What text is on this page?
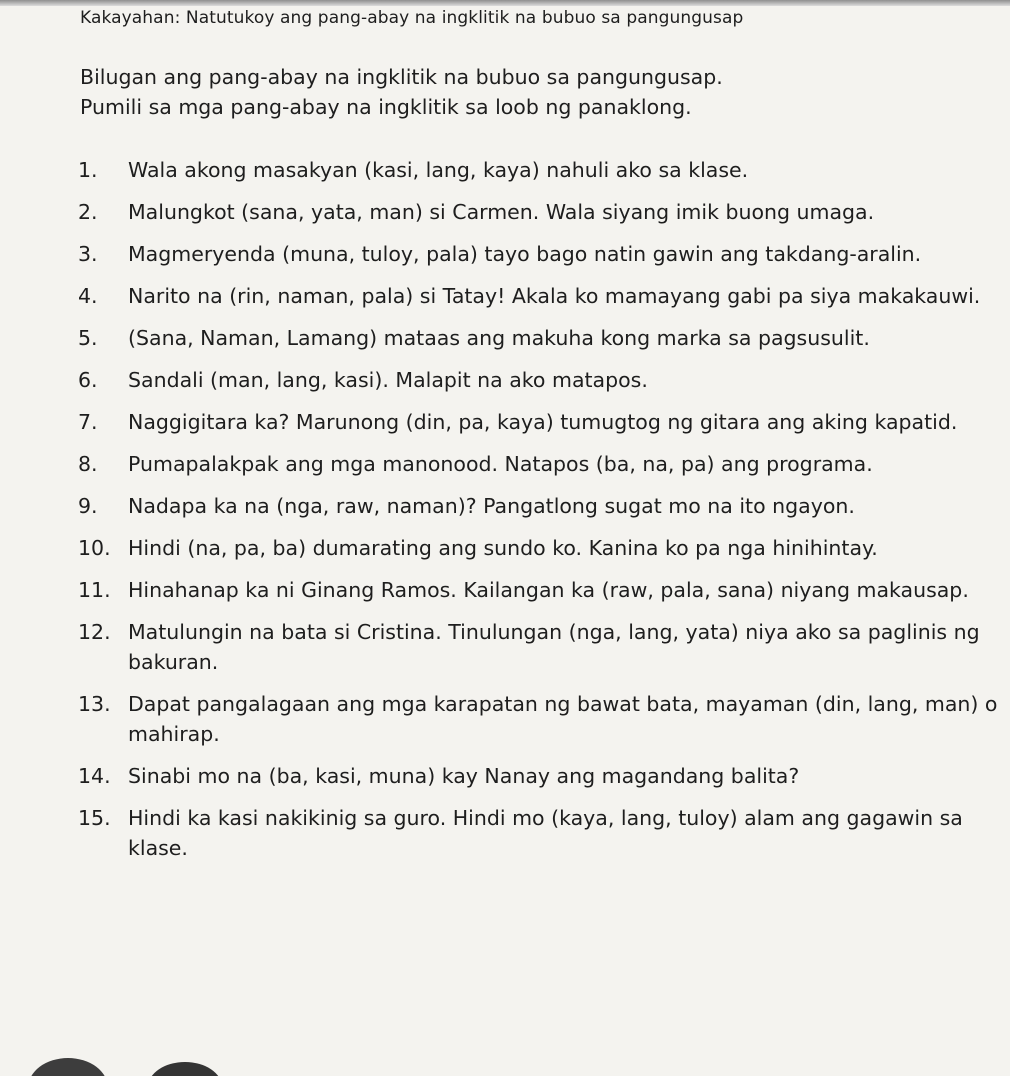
Kakayahan: Natutukoy ang pang-abay na ingklitik na bubuo sa pangungusap
Bilugan ang pang-abay na ingklitik na bubuo sa pangungusap.
Pumili sa mga pang-abay na ingklitik sa loob ng panaklong.
1. Wala akong masakyan (kasi, lang, kaya) nahuli ako sa klase.
2. Malungkot (sana, yata, man) si Carmen. Wala siyang imik buong umaga.
3. Magmeryenda (muna, tuloy, pala) tayo bago natin gawin ang takdang-aralin.
4. Narito na (rin, naman, pala) si Tatay! Akala ko mamayang gabi pa siya makakauwi.
5. (Sana, Naman, Lamang) mataas ang makuha kong marka sa pagsusulit.
6. Sandali (man, lang, kasi). Malapit na ako matapos.
7. Naggigitara ka? Marunong (din, pa, kaya) tumugtog ng gitara ang aking kapatid.
8. Pumapalakpak ang mga manonood. Natapos (ba, na, pa) ang programa.
9. Nadapa ka na (nga, raw, naman)? Pangatlong sugat mo na ito ngayon.
10. Hindi (na, pa, ba) dumarating ang sundo ko. Kanina ko pa nga hinihintay.
11. Hinahanap ka ni Ginang Ramos. Kailangan ka (raw, pala, sana) niyang makausap.
12. Matulungin na bata si Cristina. Tinulungan (nga, lang, yata) niya ako sa paglinis ng bakuran.
13. Dapat pangalagaan ang mga karapatan ng bawat bata, mayaman (din, lang, man) o mahirap.
14. Sinabi mo na (ba, kasi, muna) kay Nanay ang magandang balita?
15. Hindi ka kasi nakikinig sa guro. Hindi mo (kaya, lang, tuloy) alam ang gagawin sa klase.
